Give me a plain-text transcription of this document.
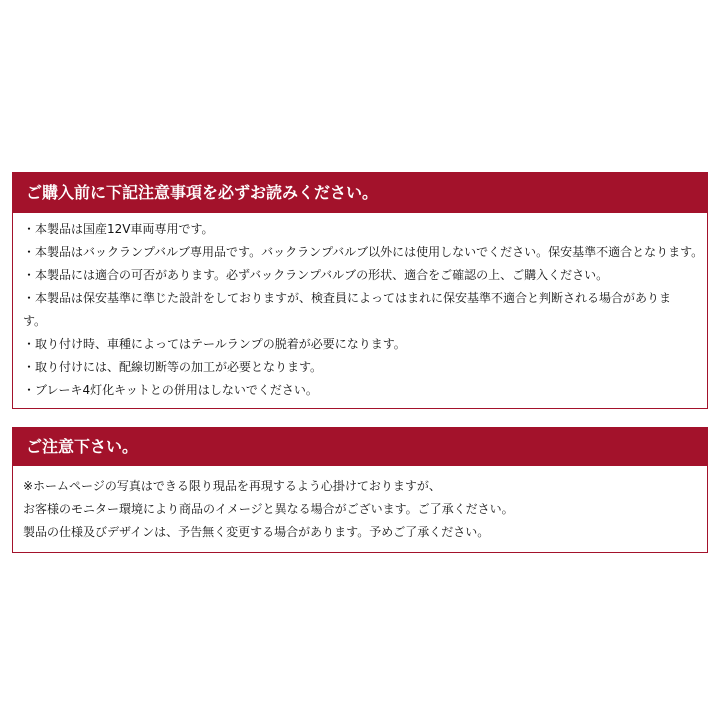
ご購入前に下記注意事項を必ずお読みください。
・本製品は国産12V車両専用です。
・本製品はバックランプバルブ専用品です。バックランプバルブ以外には使用しないでください。保安基準不適合となります。
・本製品には適合の可否があります。必ずバックランプバルブの形状、適合をご確認の上、ご購入ください。
・本製品は保安基準に準じた設計をしておりますが、検査員によってはまれに保安基準不適合と判断される場合がありま
す。
・取り付け時、車種によってはテールランプの脱着が必要になります。
・取り付けには、配線切断等の加工が必要となります。
・ブレーキ4灯化キットとの併用はしないでください。
ご注意下さい。
※ホームページの写真はできる限り現品を再現するよう心掛けておりますが、
お客様のモニター環境により商品のイメージと異なる場合がございます。ご了承ください。
製品の仕様及びデザインは、予告無く変更する場合があります。予めご了承ください。
